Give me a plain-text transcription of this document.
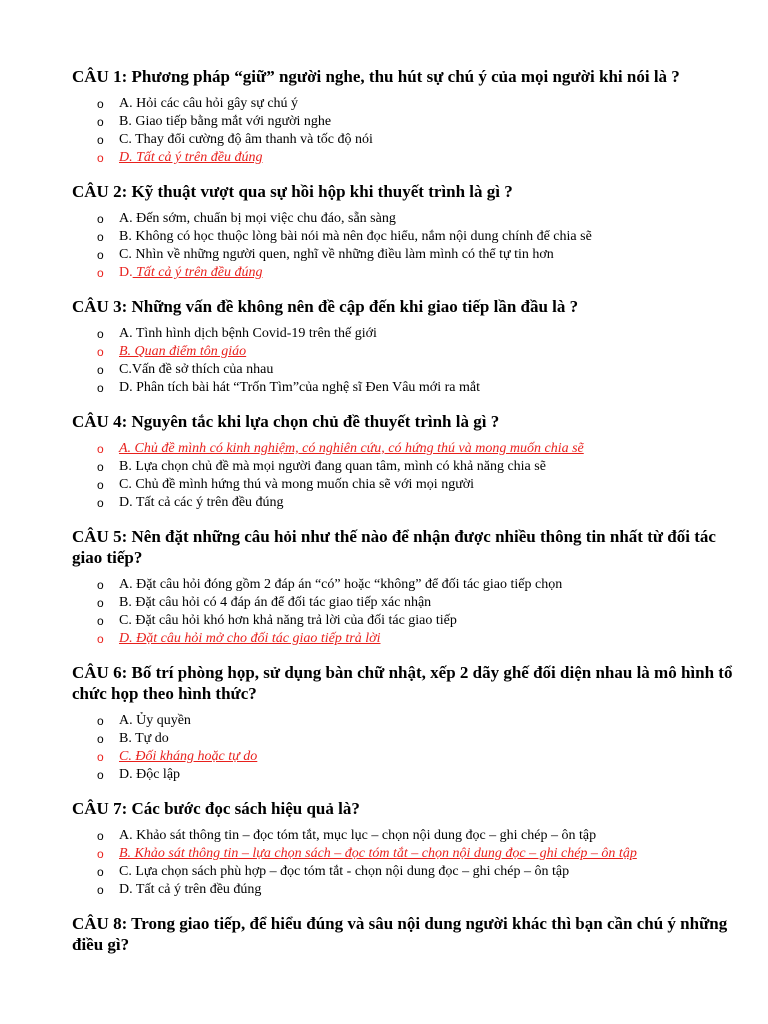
CÂU 1: Phương pháp “giữ” người nghe, thu hút sự chú ý của mọi người khi nói là ?
o A. Hỏi các câu hỏi gây sự chú ý
o B. Giao tiếp bằng mắt với người nghe
o C. Thay đổi cường độ âm thanh và tốc độ nói
o D. Tất cả ý trên đều đúng
CÂU 2: Kỹ thuật vượt qua sự hồi hộp khi thuyết trình là gì ?
o A. Đến sớm, chuẩn bị mọi việc chu đáo, sẵn sàng
o B. Không có học thuộc lòng bài nói mà nên đọc hiểu, nắm nội dung chính để chia sẽ
o C. Nhìn về những người quen, nghĩ về những điều làm mình có thể tự tin hơn
o D. Tất cả ý trên đều đúng
CÂU 3: Những vấn đề không nên đề cập đến khi giao tiếp lần đầu là ?
o A. Tình hình dịch bệnh Covid-19 trên thế giới
o B. Quan điểm tôn giáo
o C.Vấn đề sở thích của nhau
o D. Phân tích bài hát “Trốn Tìm”của nghệ sĩ Đen Vâu mới ra mắt
CÂU 4: Nguyên tắc khi lựa chọn chủ đề thuyết trình là gì ?
o A. Chủ đề mình có kinh nghiệm, có nghiên cứu, có hứng thú và mong muốn chia sẽ
o B. Lựa chọn chủ đề mà mọi người đang quan tâm, mình có khả năng chia sẽ
o C. Chủ đề mình hứng thú và mong muốn chia sẽ với mọi người
o D. Tất cả các ý trên đều đúng
CÂU 5: Nên đặt những câu hỏi như thế nào để nhận được nhiều thông tin nhất từ đối tác giao tiếp?
o A. Đặt câu hỏi đóng gồm 2 đáp án “có” hoặc “không” để đối tác giao tiếp chọn
o B. Đặt câu hỏi có 4 đáp án để đối tác giao tiếp xác nhận
o C. Đặt câu hỏi khó hơn khả năng trả lời của đối tác giao tiếp
o D. Đặt câu hỏi mở cho đối tác giao tiếp trả lời
CÂU 6: Bố trí phòng họp, sử dụng bàn chữ nhật, xếp 2 dãy ghế đối diện nhau là mô hình tổ chức họp theo hình thức?
o A. Ủy quyền
o B. Tự do
o C. Đối kháng hoặc tự do
o D. Độc lập
CÂU 7: Các bước đọc sách hiệu quả là?
o A. Khảo sát thông tin – đọc tóm tắt, mục lục – chọn nội dung đọc – ghi chép – ôn tập
o B. Khảo sát thông tin – lựa chọn sách – đọc tóm tắt – chọn nội dung đọc – ghi chép – ôn tập
o C. Lựa chọn sách phù hợp – đọc tóm tắt - chọn nội dung đọc – ghi chép – ôn tập
o D. Tất cả ý trên đều đúng
CÂU 8: Trong giao tiếp, để hiểu đúng và sâu nội dung người khác thì bạn cần chú ý những điều gì?
